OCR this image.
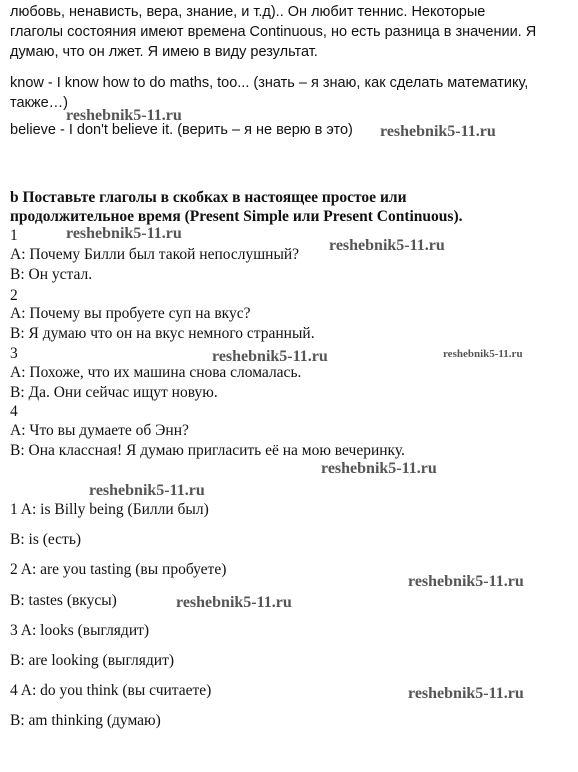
любовь, ненависть, вера, знание, и т.д).. Он любит теннис. Некоторые
глаголы состояния имеют времена Continuous, но есть разница в значении. Я
думаю, что он лжет. Я имею в виду результат.
know - I know how to do maths, too... (знать – я знаю, как сделать математику,
также…)
believe - I don't believe it. (верить – я не верю в это)
b Поставьте глаголы в скобках в настоящее простое или
продолжительное время (Present Simple или Present Continuous).
1
A: Почему Билли был такой непослушный?
B: Он устал.
2
A: Почему вы пробуете суп на вкус?
B: Я думаю что он на вкус немного странный.
3
A: Похоже, что их машина снова сломалась.
B: Да. Они сейчас ищут новую.
4
A: Что вы думаете об Энн?
B: Она классная! Я думаю пригласить её на мою вечеринку.
1 A: is Billy being (Билли был)
B: is (есть)
2 A: are you tasting (вы пробуете)
B: tastes (вкусы)
3 A: looks (выглядит)
B: are looking (выглядит)
4 A: do you think (вы считаете)
B: am thinking (думаю)
reshebnik5-11.ru
reshebnik5-11.ru
reshebnik5-11.ru
reshebnik5-11.ru
reshebnik5-11.ru	reshebnik5-11.ru
reshebnik5-11.ru
reshebnik5-11.ru
reshebnik5-11.ru
reshebnik5-11.ru
reshebnik5-11.ru
